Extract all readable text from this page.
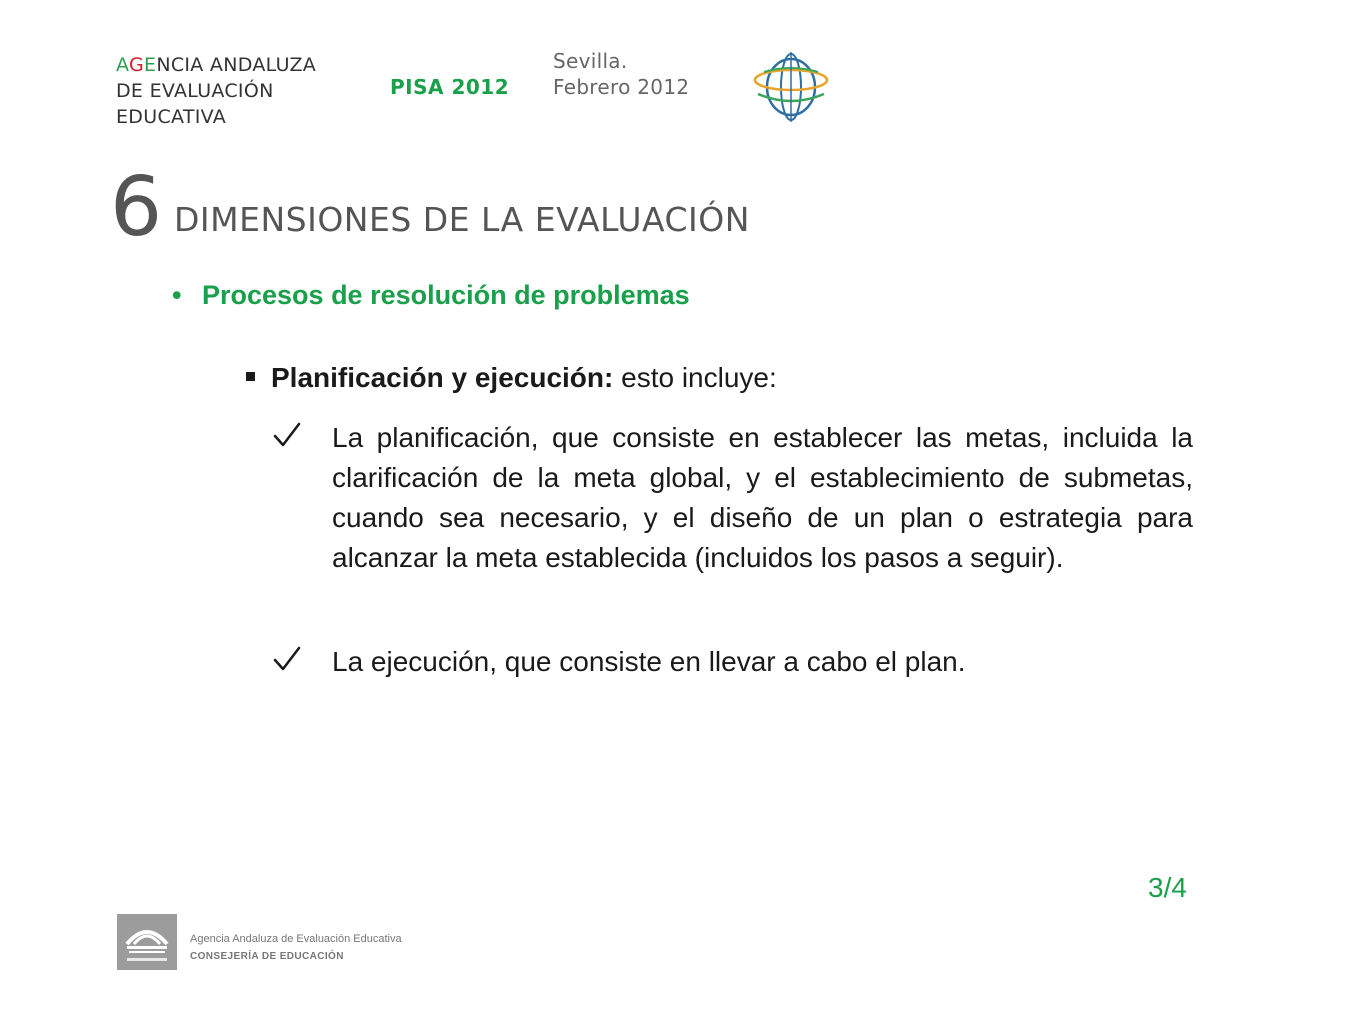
AGENCIA ANDALUZA
DE EVALUACIÓN
EDUCATIVA
PISA 2012
Sevilla.
Febrero 2012
6 DIMENSIONES DE LA EVALUACIÓN
• Procesos de resolución de problemas
Planificación y ejecución: esto incluye:
La planificación, que consiste en establecer las metas, incluida la clarificación de la meta global, y el establecimiento de submetas, cuando sea necesario, y el diseño de un plan o estrategia para alcanzar la meta establecida (incluidos los pasos a seguir).
La ejecución, que consiste en llevar a cabo el plan.
3/4
Agencia Andaluza de Evaluación Educativa
CONSEJERÍA DE EDUCACIÓN
